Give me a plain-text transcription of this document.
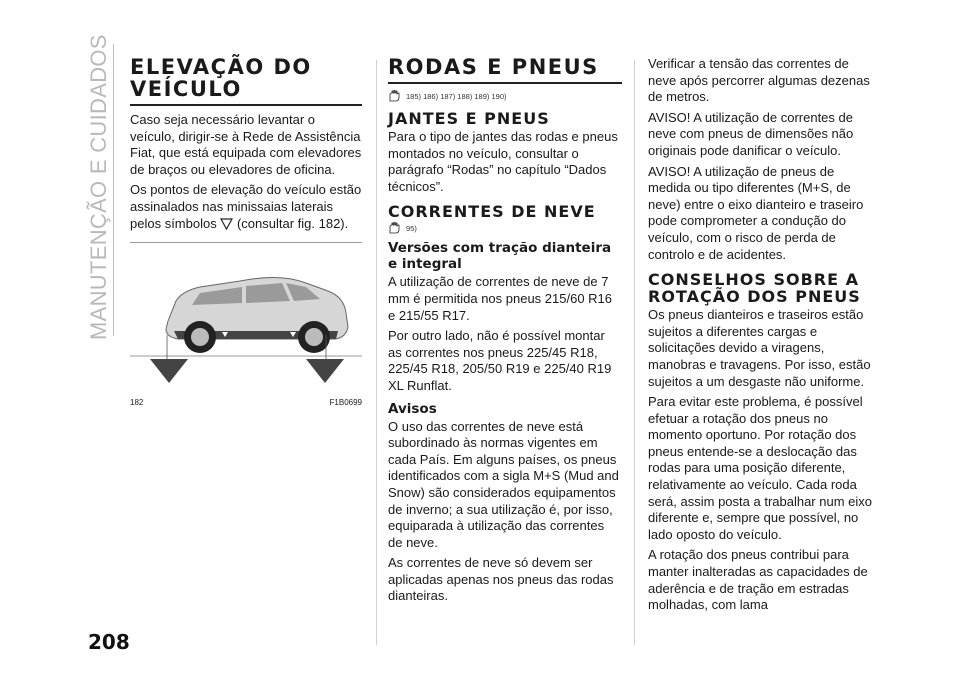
MANUTENÇÃO E CUIDADOS
208
ELEVAÇÃO DO VEÍCULO

Caso seja necessário levantar o veículo, dirigir-se à Rede de Assistência Fiat, que está equipada com elevadores de braços ou elevadores de oficina.

Os pontos de elevação do veículo estão assinalados nas minissaias laterais pelos símbolos (consultar fig. 182).

182	F1B0699
RODAS E PNEUS
185) 186) 187) 188) 189) 190)
JANTES E PNEUS

Para o tipo de jantes das rodas e pneus montados no veículo, consultar o parágrafo “Rodas” no capítulo “Dados técnicos”.

CORRENTES DE NEVE
95)
Versões com tração dianteira e integral

A utilização de correntes de neve de 7 mm é permitida nos pneus 215/60 R16 e 215/55 R17.

Por outro lado, não é possível montar as correntes nos pneus 225/45 R18, 225/45 R18, 205/50 R19 e 225/40 R19 XL Runflat.

Avisos

O uso das correntes de neve está subordinado às normas vigentes em cada País. Em alguns países, os pneus identificados com a sigla M+S (Mud and Snow) são considerados equipamentos de inverno; a sua utilização é, por isso, equiparada à utilização das correntes de neve.

As correntes de neve só devem ser aplicadas apenas nos pneus das rodas dianteiras.

Verificar a tensão das correntes de neve após percorrer algumas dezenas de metros.

AVISO! A utilização de correntes de neve com pneus de dimensões não originais pode danificar o veículo.

AVISO! A utilização de pneus de medida ou tipo diferentes (M+S, de neve) entre o eixo dianteiro e traseiro pode comprometer a condução do veículo, com o risco de perda de controlo e de acidentes.

CONSELHOS SOBRE A ROTAÇÃO DOS PNEUS

Os pneus dianteiros e traseiros estão sujeitos a diferentes cargas e solicitações devido a viragens, manobras e travagens. Por isso, estão sujeitos a um desgaste não uniforme.

Para evitar este problema, é possível efetuar a rotação dos pneus no momento oportuno. Por rotação dos pneus entende-se a deslocação das rodas para uma posição diferente, relativamente ao veículo. Cada roda será, assim posta a trabalhar num eixo diferente e, sempre que possível, no lado oposto do veículo.

A rotação dos pneus contribui para manter inalteradas as capacidades de aderência e de tração em estradas molhadas, com lama
